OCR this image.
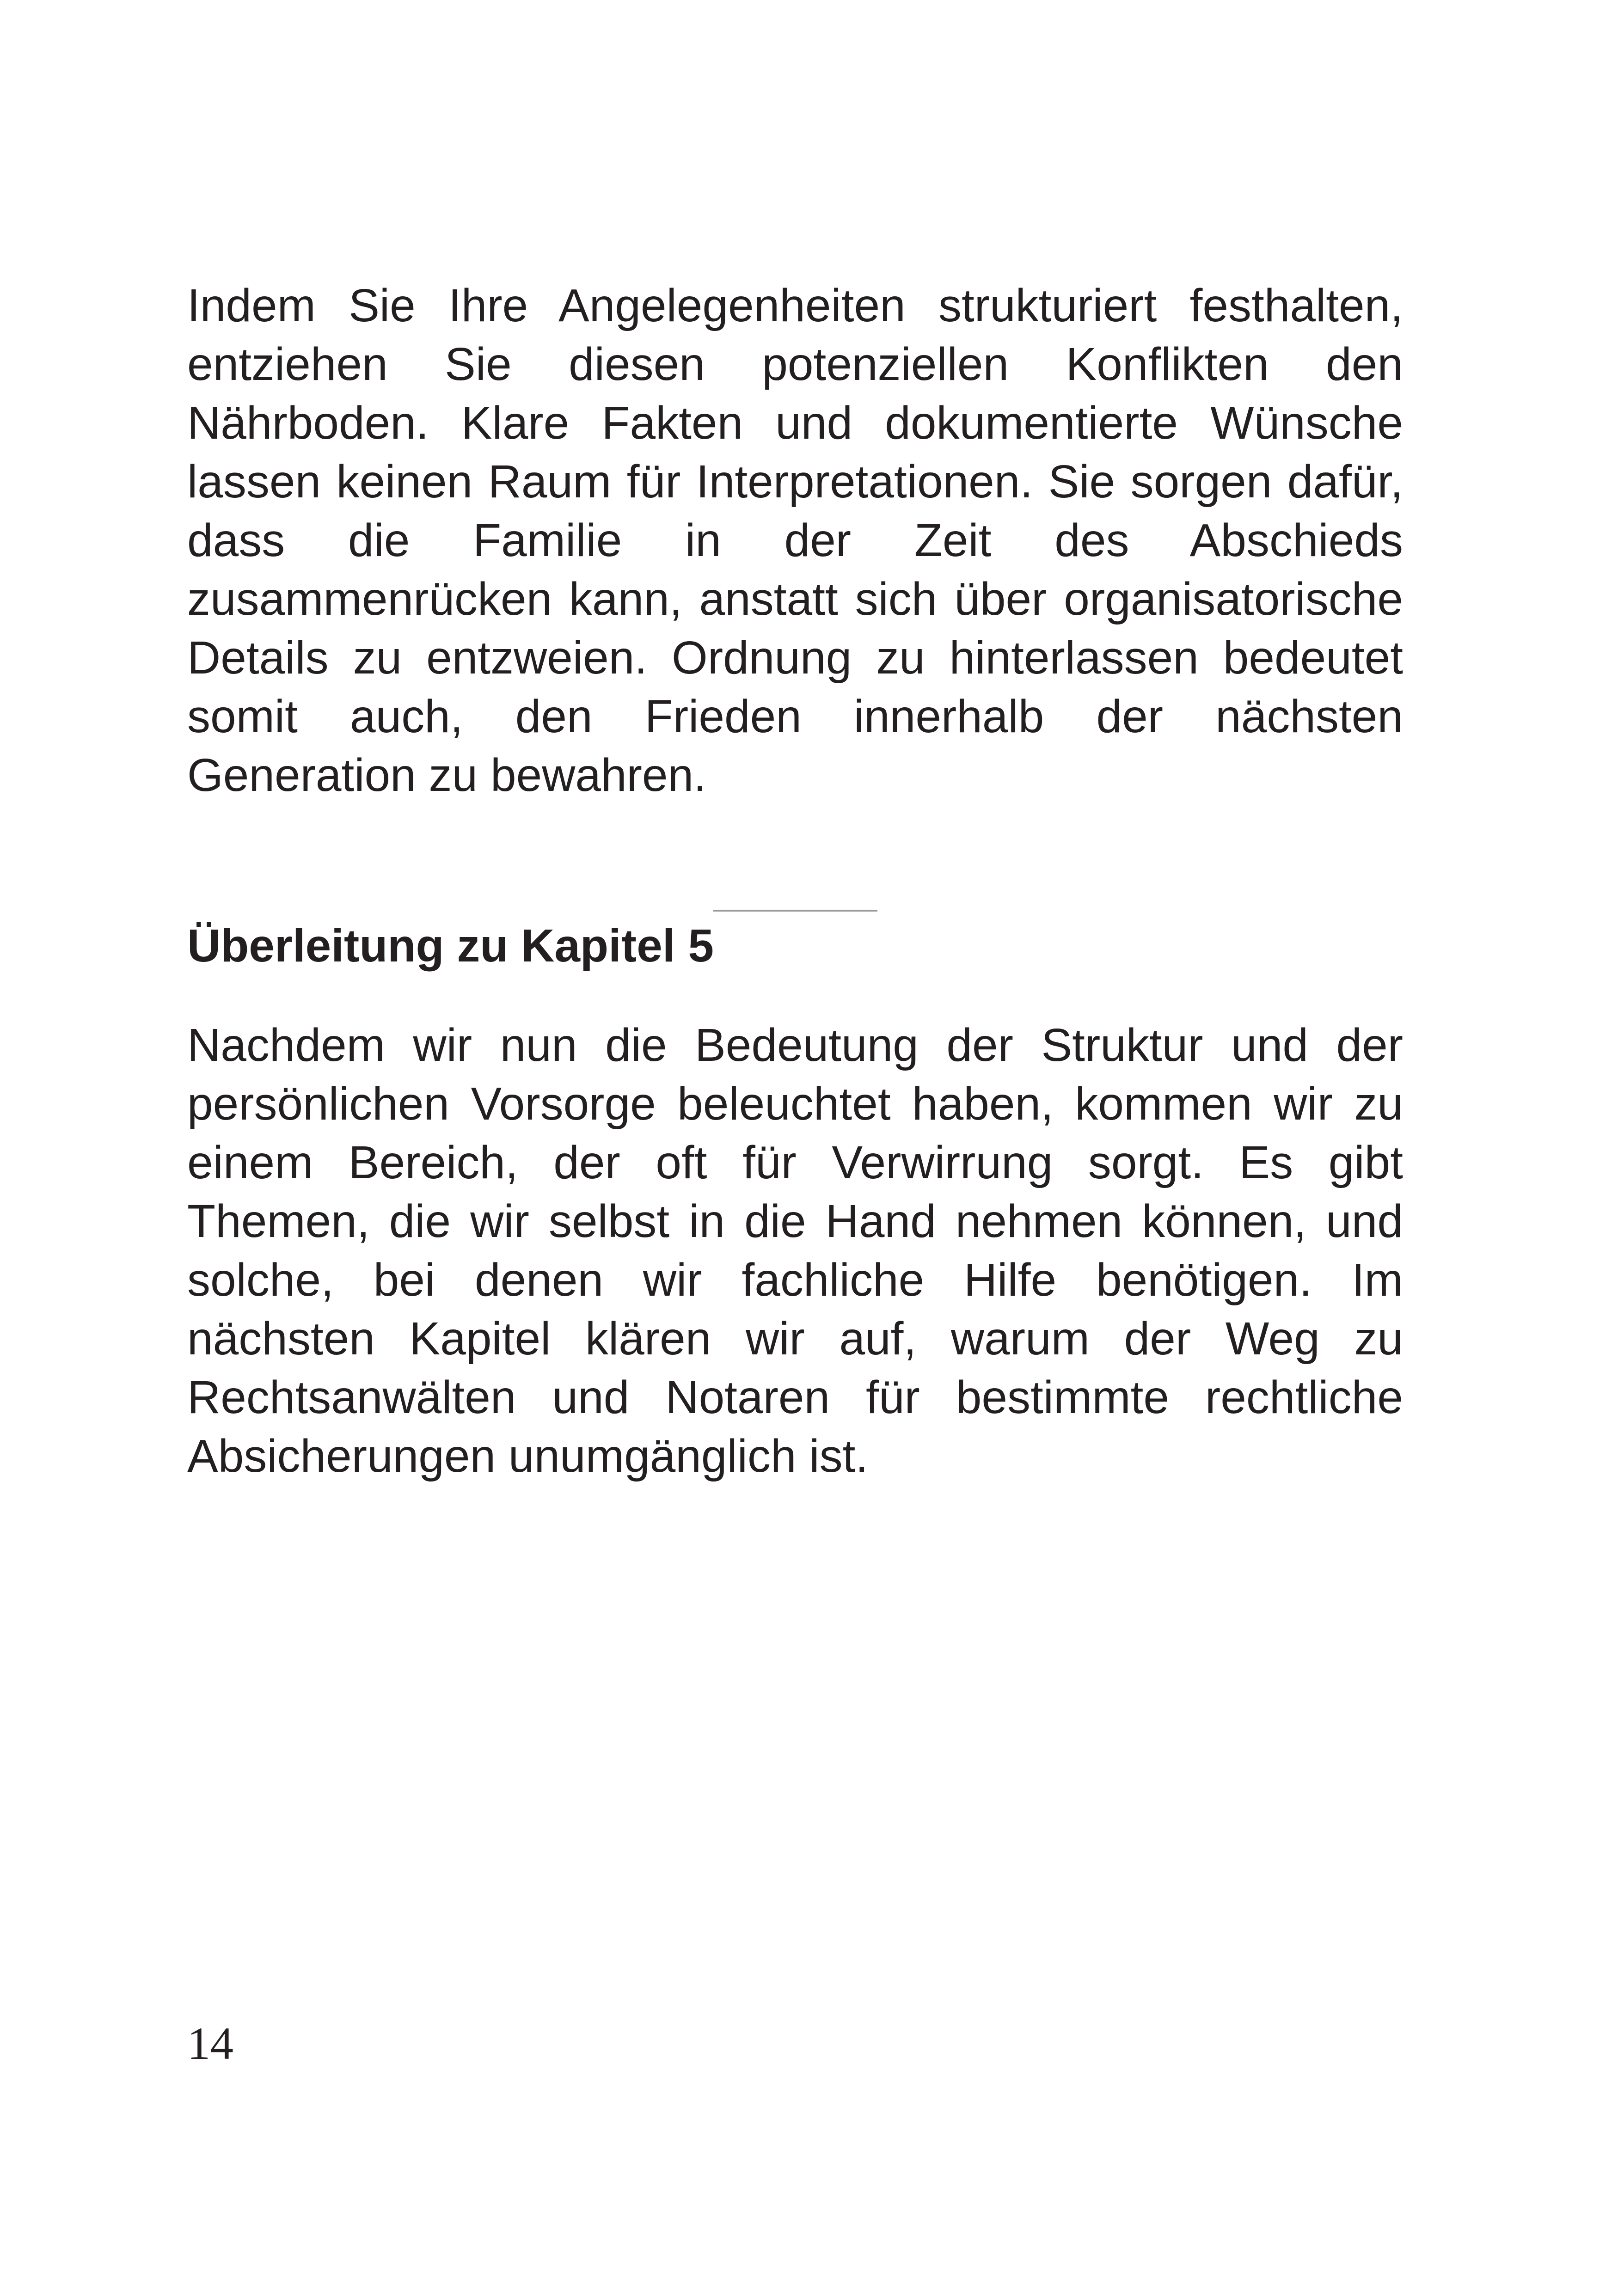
Indem Sie Ihre Angelegenheiten strukturiert festhalten, entziehen Sie diesen potenziellen Konflikten den Nährboden. Klare Fakten und dokumentierte Wünsche lassen keinen Raum für Interpretationen. Sie sorgen dafür, dass die Familie in der Zeit des Abschieds zusammenrücken kann, anstatt sich über organisatorische Details zu entzweien. Ordnung zu hinterlassen bedeutet somit auch, den Frieden innerhalb der nächsten Generation zu bewahren.

Überleitung zu Kapitel 5

Nachdem wir nun die Bedeutung der Struktur und der persönlichen Vorsorge beleuchtet haben, kommen wir zu einem Bereich, der oft für Verwirrung sorgt. Es gibt Themen, die wir selbst in die Hand nehmen können, und solche, bei denen wir fachliche Hilfe benötigen. Im nächsten Kapitel klären wir auf, warum der Weg zu Rechtsanwälten und Notaren für bestimmte rechtliche Absicherungen unumgänglich ist.

14
